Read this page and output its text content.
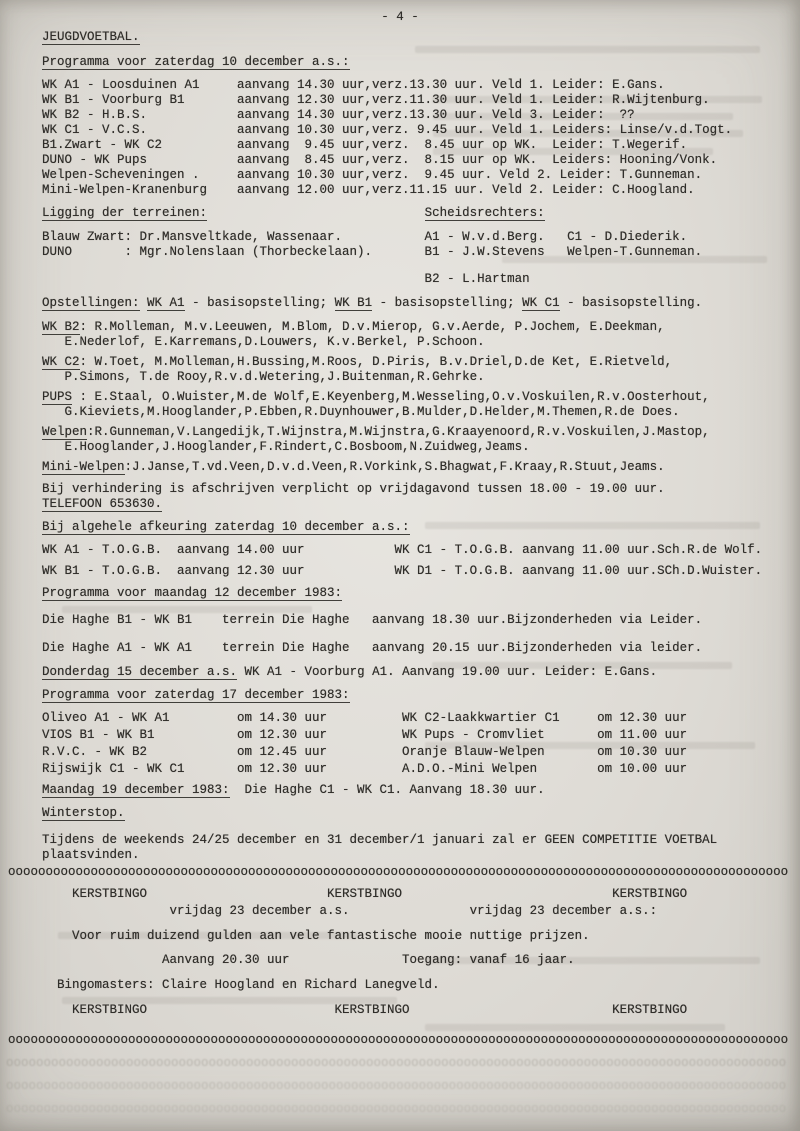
oooooooooooooooooooooooooooooooooooooooooooooooooooooooooooooooooooooooooooooooooooooooooooooooooooooooo
oooooooooooooooooooooooooooooooooooooooooooooooooooooooooooooooooooooooooooooooooooooooooooooooooooooooo
oooooooooooooooooooooooooooooooooooooooooooooooooooooooooooooooooooooooooooooooooooooooooooooooooooooooo
- 4 -
JEUGDVOETBAL.
Programma voor zaterdag 10 december a.s.:
WK A1 - Loosduinen A1     aanvang 14.30 uur,verz.13.30 uur. Veld 1. Leider: E.Gans.
WK B1 - Voorburg B1       aanvang 12.30 uur,verz.11.30 uur. Veld 1. Leider: R.Wijtenburg.
WK B2 - H.B.S.            aanvang 14.30 uur,verz.13.30 uur. Veld 3. Leider:  ??
WK C1 - V.C.S.            aanvang 10.30 uur,verz. 9.45 uur. Veld 1. Leiders: Linse/v.d.Togt.
B1.Zwart - WK C2          aanvang  9.45 uur,verz.  8.45 uur op WK.  Leider: T.Wegerif.
DUNO - WK Pups            aanvang  8.45 uur,verz.  8.15 uur op WK.  Leiders: Hooning/Vonk.
Welpen-Scheveningen .     aanvang 10.30 uur,verz.  9.45 uur. Veld 2. Leider: T.Gunneman.
Mini-Welpen-Kranenburg    aanvang 12.00 uur,verz.11.15 uur. Veld 2. Leider: C.Hoogland.
Ligging der terreinen:	Scheidsrechters:
Blauw Zwart: Dr.Mansveltkade, Wassenaar.           A1 - W.v.d.Berg.   C1 - D.Diederik.
DUNO       : Mgr.Nolenslaan (Thorbeckelaan).       B1 - J.W.Stevens   Welpen-T.Gunneman.
B2 - L.Hartman
Opstellingen: WK A1 - basisopstelling; WK B1 - basisopstelling; WK C1 - basisopstelling.
WK B2: R.Molleman, M.v.Leeuwen, M.Blom, D.v.Mierop, G.v.Aerde, P.Jochem, E.Deekman,
E.Nederlof, E.Karremans,D.Louwers, K.v.Berkel, P.Schoon.
WK C2: W.Toet, M.Molleman,H.Bussing,M.Roos, D.Piris, B.v.Driel,D.de Ket, E.Rietveld,
P.Simons, T.de Rooy,R.v.d.Wetering,J.Buitenman,R.Gehrke.
PUPS : E.Staal, O.Wuister,M.de Wolf,E.Keyenberg,M.Wesseling,O.v.Voskuilen,R.v.Oosterhout,
G.Kieviets,M.Hooglander,P.Ebben,R.Duynhouwer,B.Mulder,D.Helder,M.Themen,R.de Does.
Welpen:R.Gunneman,V.Langedijk,T.Wijnstra,M.Wijnstra,G.Kraayenoord,R.v.Voskuilen,J.Mastop,
E.Hooglander,J.Hooglander,F.Rindert,C.Bosboom,N.Zuidweg,Jeams.
Mini-Welpen:J.Janse,T.vd.Veen,D.v.d.Veen,R.Vorkink,S.Bhagwat,F.Kraay,R.Stuut,Jeams.
Bij verhindering is afschrijven verplicht op vrijdagavond tussen 18.00 - 19.00 uur.
TELEFOON 653630.
Bij algehele afkeuring zaterdag 10 december a.s.:
WK A1 - T.O.G.B.  aanvang 14.00 uur            WK C1 - T.O.G.B. aanvang 11.00 uur.Sch.R.de Wolf.
WK B1 - T.O.G.B.  aanvang 12.30 uur            WK D1 - T.O.G.B. aanvang 11.00 uur.SCh.D.Wuister.
Programma voor maandag 12 december 1983:
Die Haghe B1 - WK B1    terrein Die Haghe   aanvang 18.30 uur.Bijzonderheden via Leider.
Die Haghe A1 - WK A1    terrein Die Haghe   aanvang 20.15 uur.Bijzonderheden via leider.
Donderdag 15 december a.s. WK A1 - Voorburg A1. Aanvang 19.00 uur. Leider: E.Gans.
Programma voor zaterdag 17 december 1983:
Oliveo A1 - WK A1         om 14.30 uur          WK C2-Laakkwartier C1     om 12.30 uur
VIOS B1 - WK B1           om 12.30 uur          WK Pups - Cromvliet       om 11.00 uur
R.V.C. - WK B2            om 12.45 uur          Oranje Blauw-Welpen       om 10.30 uur
Rijswijk C1 - WK C1       om 12.30 uur          A.D.O.-Mini Welpen        om 10.00 uur
Maandag 19 december 1983:  Die Haghe C1 - WK C1. Aanvang 18.30 uur.
Winterstop.
Tijdens de weekends 24/25 december en 31 december/1 januari zal er GEEN COMPETITIE VOETBAL
plaatsvinden.
oooooooooooooooooooooooooooooooooooooooooooooooooooooooooooooooooooooooooooooooooooooooooooooooooooooooo
KERSTBINGO                        KERSTBINGO                            KERSTBINGO
vrijdag 23 december a.s.                vrijdag 23 december a.s.:
Voor ruim duizend gulden aan vele fantastische mooie nuttige prijzen.
Aanvang 20.30 uur               Toegang: vanaf 16 jaar.
Bingomasters: Claire Hoogland en Richard Lanegveld.
KERSTBINGO                         KERSTBINGO                           KERSTBINGO
oooooooooooooooooooooooooooooooooooooooooooooooooooooooooooooooooooooooooooooooooooooooooooooooooooooooo
